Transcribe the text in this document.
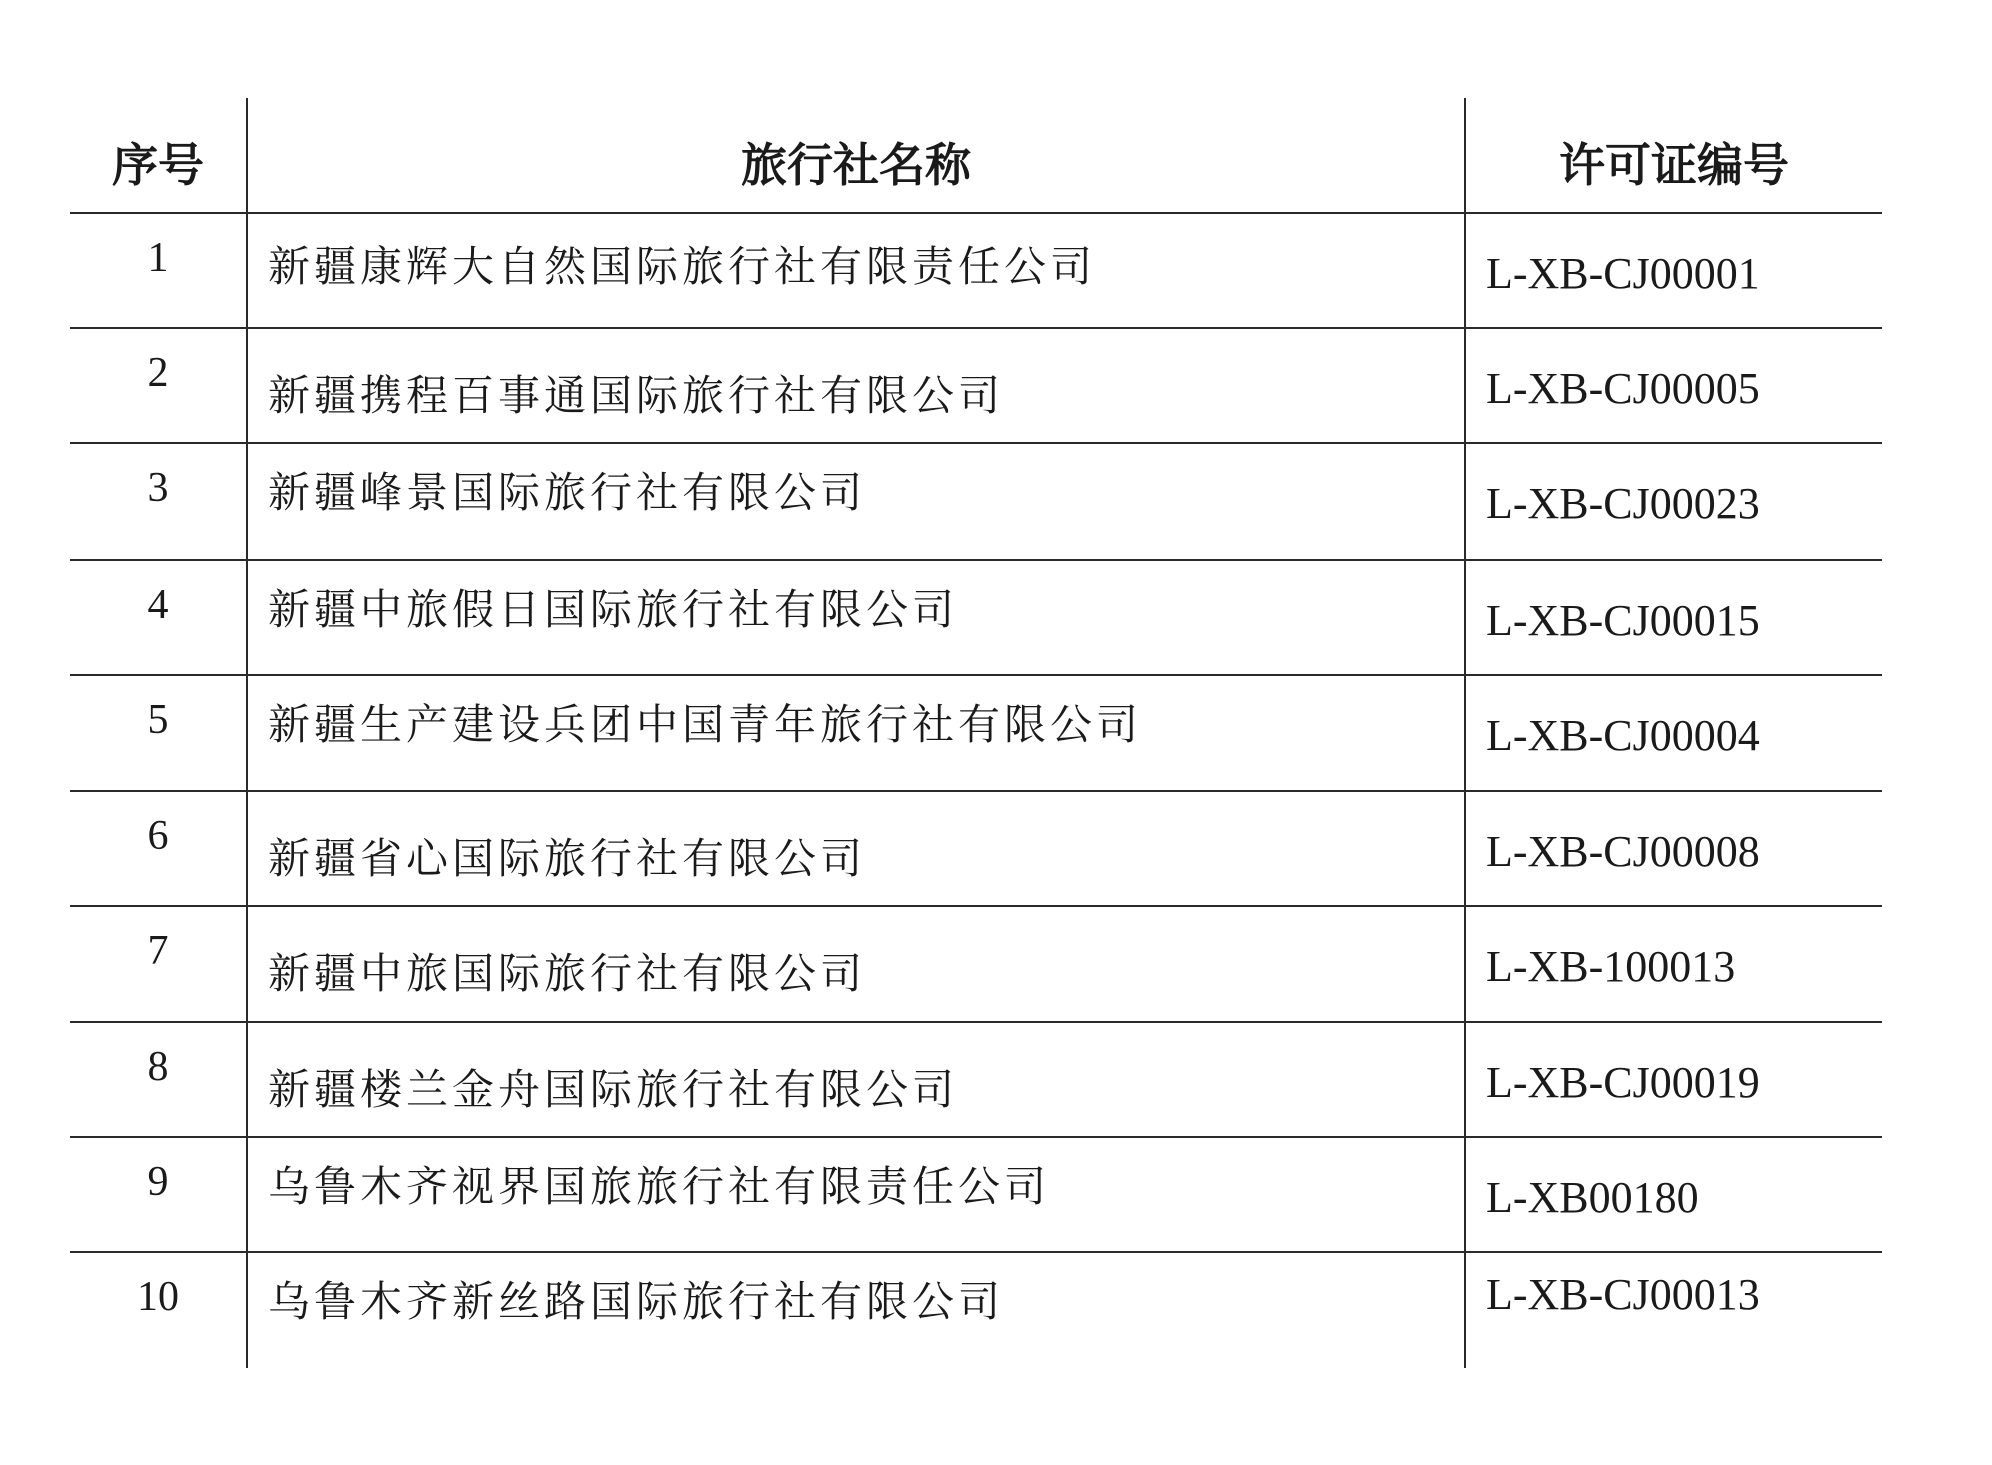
序号	旅行社名称	许可证编号
1	新疆康辉大自然国际旅行社有限责任公司	L-XB-CJ00001
2	新疆携程百事通国际旅行社有限公司	L-XB-CJ00005
3	新疆峰景国际旅行社有限公司	L-XB-CJ00023
4	新疆中旅假日国际旅行社有限公司	L-XB-CJ00015
5	新疆生产建设兵团中国青年旅行社有限公司	L-XB-CJ00004
6	新疆省心国际旅行社有限公司	L-XB-CJ00008
7	新疆中旅国际旅行社有限公司	L-XB-100013
8	新疆楼兰金舟国际旅行社有限公司	L-XB-CJ00019
9	乌鲁木齐视界国旅旅行社有限责任公司	L-XB00180
10	乌鲁木齐新丝路国际旅行社有限公司	L-XB-CJ00013
